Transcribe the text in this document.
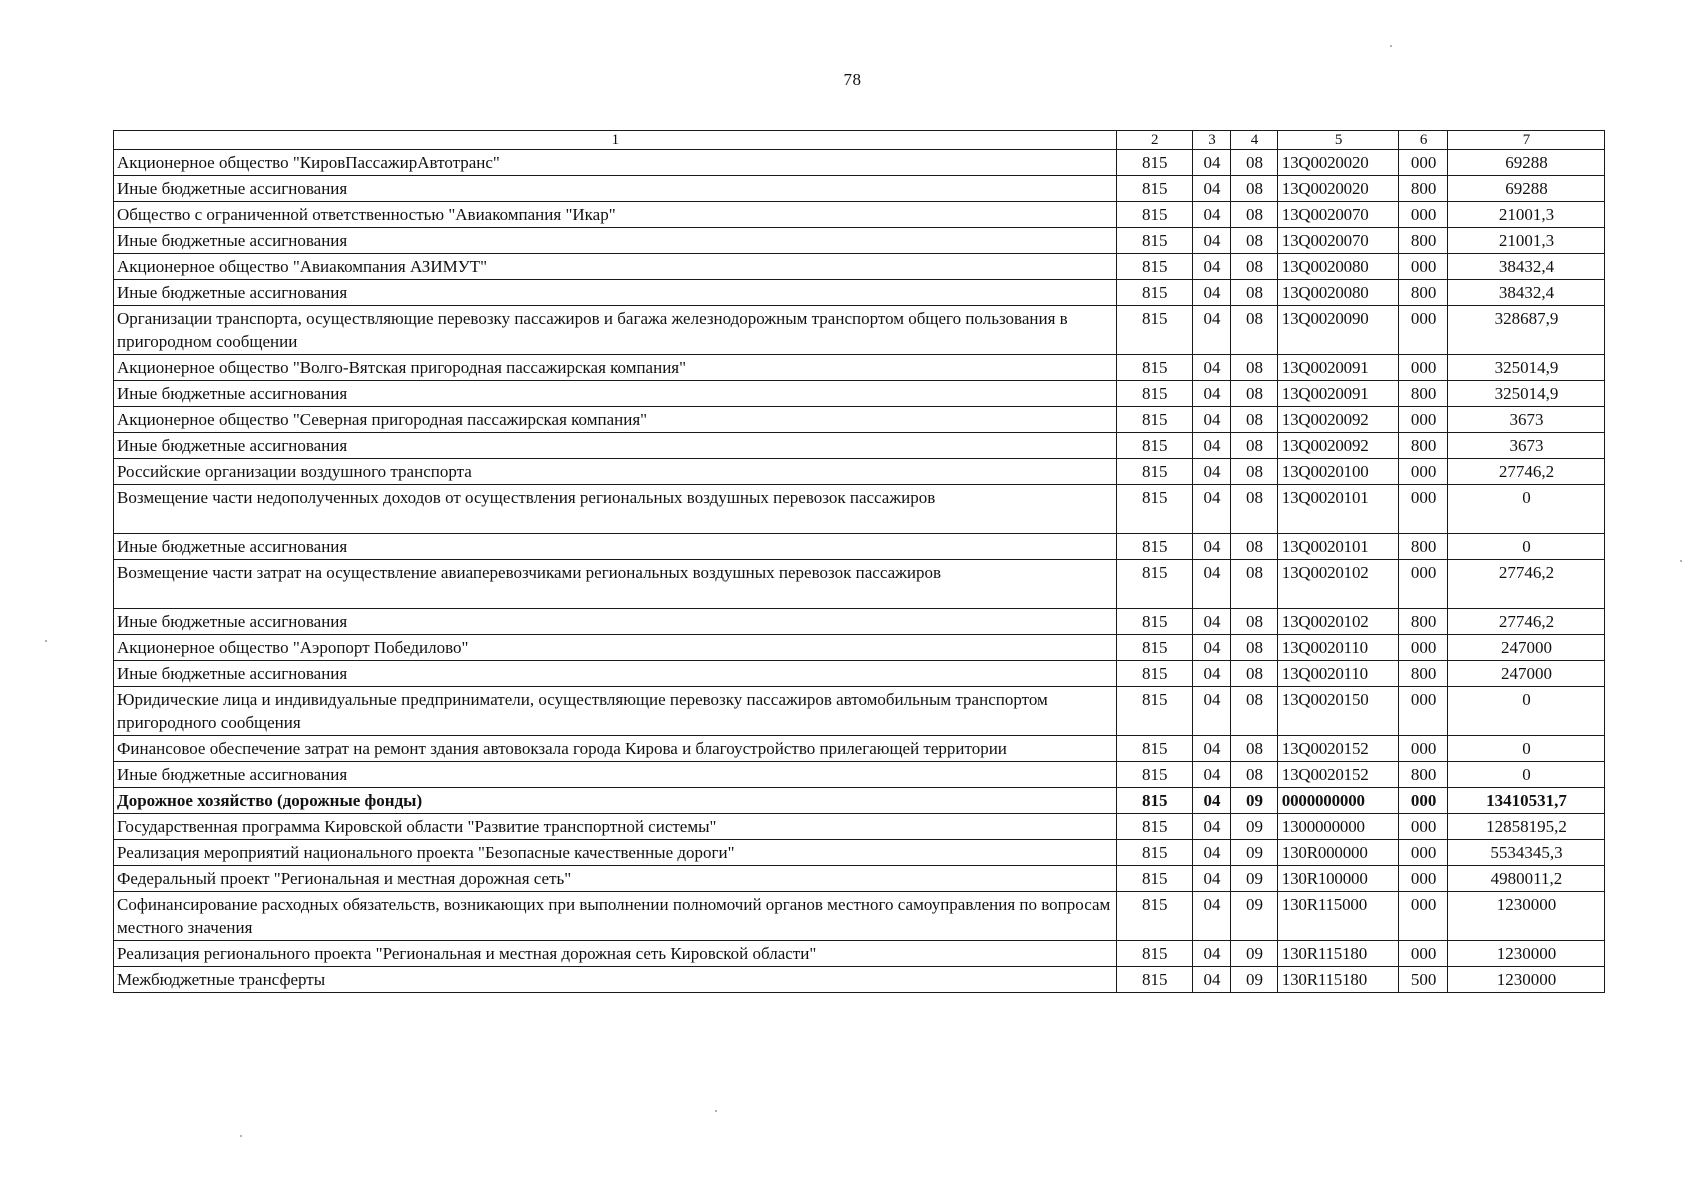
78
1	2	3	4	5	6	7
Акционерное общество "КировПассажирАвтотранс"	815	04	08	13Q0020020	000	69288
Иные бюджетные ассигнования	815	04	08	13Q0020020	800	69288
Общество с ограниченной ответственностью "Авиакомпания "Икар"	815	04	08	13Q0020070	000	21001,3
Иные бюджетные ассигнования	815	04	08	13Q0020070	800	21001,3
Акционерное общество "Авиакомпания АЗИМУТ"	815	04	08	13Q0020080	000	38432,4
Иные бюджетные ассигнования	815	04	08	13Q0020080	800	38432,4
Организации транспорта, осуществляющие перевозку пассажиров и багажа железнодорожным транспортом общего пользования в пригородном сообщении	815	04	08	13Q0020090	000	328687,9
Акционерное общество "Волго-Вятская пригородная пассажирская компания"	815	04	08	13Q0020091	000	325014,9
Иные бюджетные ассигнования	815	04	08	13Q0020091	800	325014,9
Акционерное общество "Северная пригородная пассажирская компания"	815	04	08	13Q0020092	000	3673
Иные бюджетные ассигнования	815	04	08	13Q0020092	800	3673
Российские организации воздушного транспорта	815	04	08	13Q0020100	000	27746,2
Возмещение части недополученных доходов от осуществления региональных воздушных перевозок пассажиров	815	04	08	13Q0020101	000	0
Иные бюджетные ассигнования	815	04	08	13Q0020101	800	0
Возмещение части затрат на осуществление авиаперевозчиками региональных воздушных перевозок пассажиров	815	04	08	13Q0020102	000	27746,2
Иные бюджетные ассигнования	815	04	08	13Q0020102	800	27746,2
Акционерное общество "Аэропорт Победилово"	815	04	08	13Q0020110	000	247000
Иные бюджетные ассигнования	815	04	08	13Q0020110	800	247000
Юридические лица и индивидуальные предприниматели, осуществляющие перевозку пассажиров автомобильным транспортом пригородного сообщения	815	04	08	13Q0020150	000	0
Финансовое обеспечение затрат на ремонт здания автовокзала города Кирова и благоустройство прилегающей территории	815	04	08	13Q0020152	000	0
Иные бюджетные ассигнования	815	04	08	13Q0020152	800	0
Дорожное хозяйство (дорожные фонды)	815	04	09	0000000000	000	13410531,7
Государственная программа Кировской области "Развитие транспортной системы"	815	04	09	1300000000	000	12858195,2
Реализация мероприятий национального проекта "Безопасные качественные дороги"	815	04	09	130R000000	000	5534345,3
Федеральный проект "Региональная и местная дорожная сеть"	815	04	09	130R100000	000	4980011,2
Софинансирование расходных обязательств, возникающих при выполнении полномочий органов местного самоуправления по вопросам местного значения	815	04	09	130R115000	000	1230000
Реализация регионального проекта "Региональная и местная дорожная сеть Кировской области"	815	04	09	130R115180	000	1230000
Межбюджетные трансферты	815	04	09	130R115180	500	1230000
